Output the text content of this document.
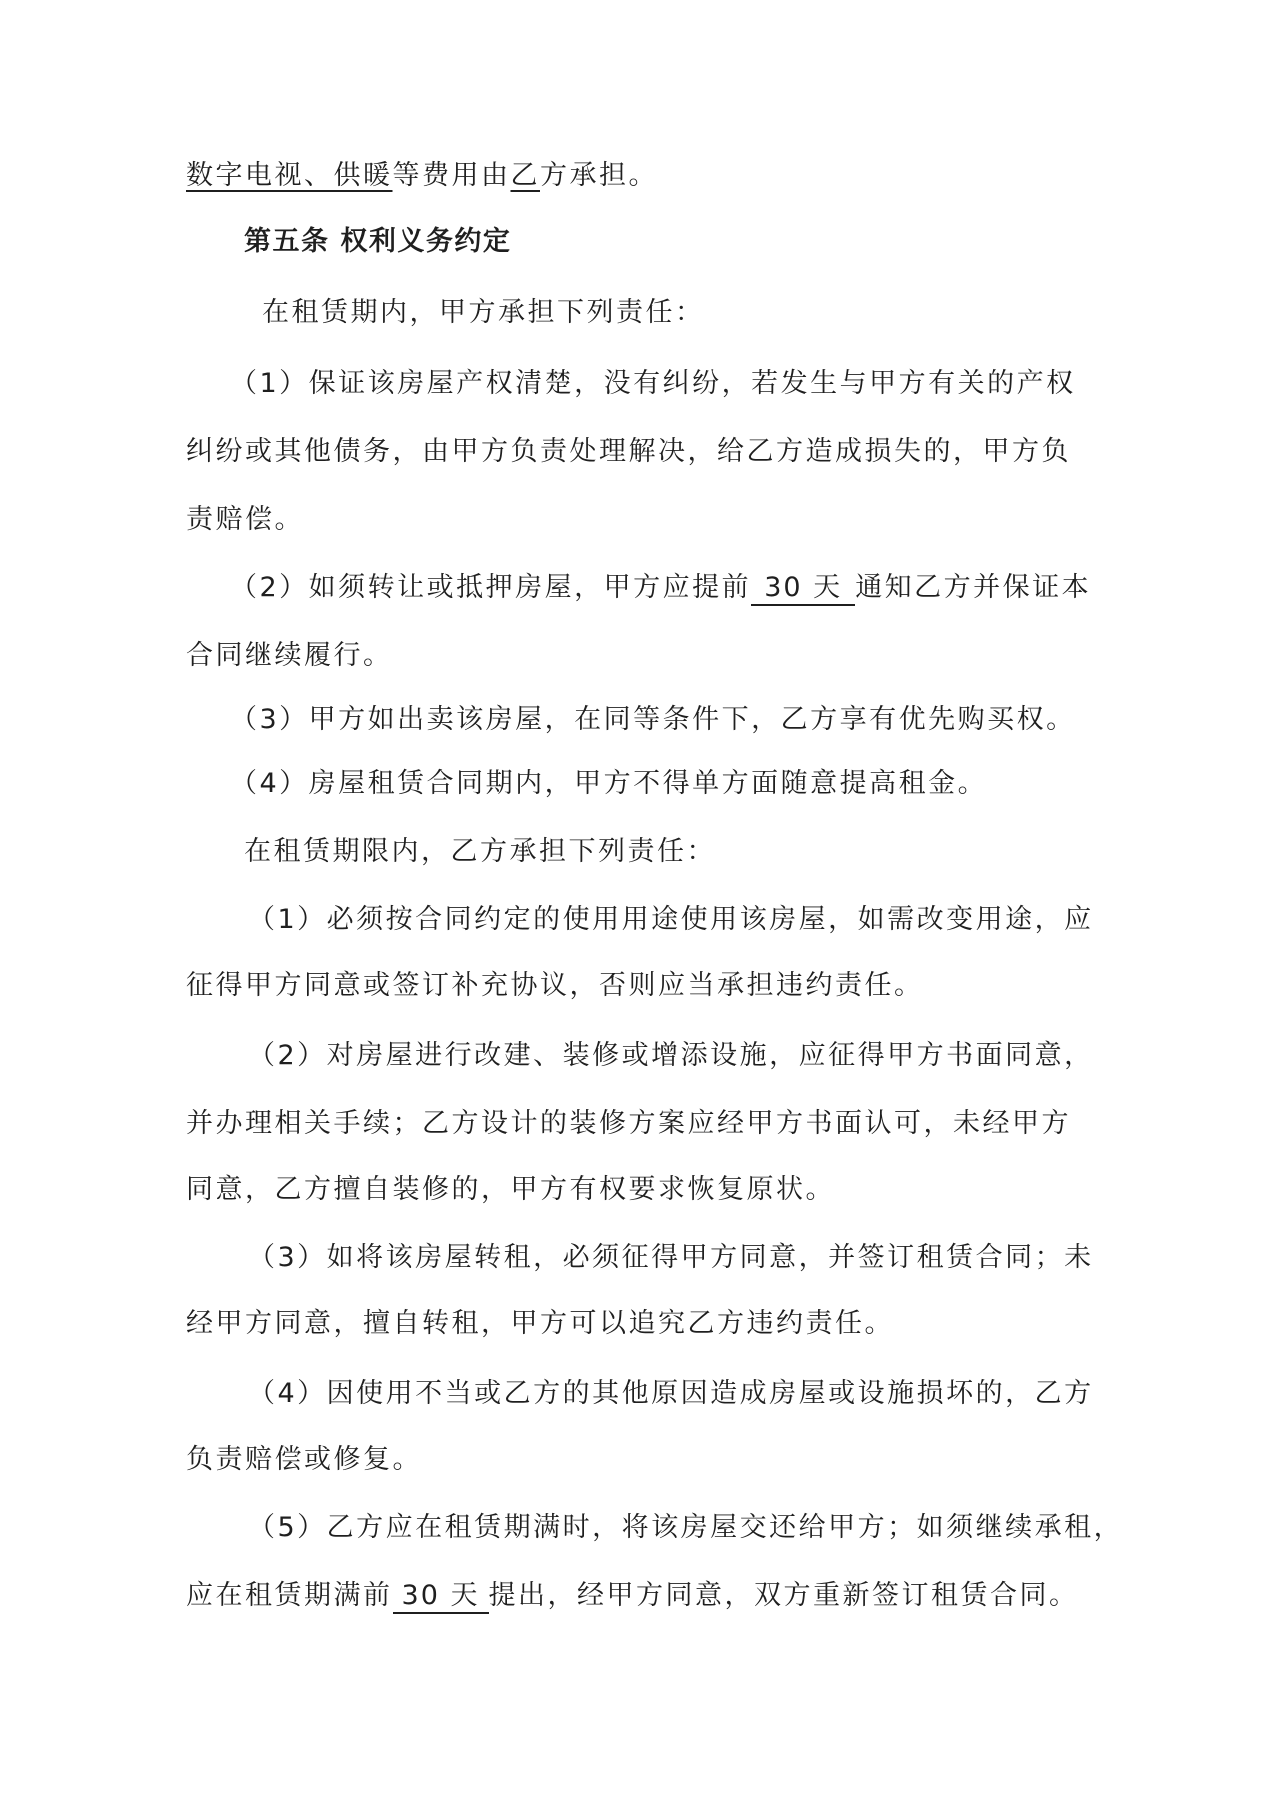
数字电视、供暖等费用由乙方承担。
第五条 权利义务约定
在租赁期内，甲方承担下列责任：
（1）保证该房屋产权清楚，没有纠纷，若发生与甲方有关的产权
纠纷或其他债务，由甲方负责处理解决，给乙方造成损失的，甲方负
责赔偿。
（2）如须转让或抵押房屋，甲方应提前 30 天 通知乙方并保证本
合同继续履行。
（3）甲方如出卖该房屋，在同等条件下，乙方享有优先购买权。
（4）房屋租赁合同期内，甲方不得单方面随意提高租金。
在租赁期限内，乙方承担下列责任：
（1）必须按合同约定的使用用途使用该房屋，如需改变用途，应
征得甲方同意或签订补充协议，否则应当承担违约责任。
（2）对房屋进行改建、装修或增添设施，应征得甲方书面同意，
并办理相关手续；乙方设计的装修方案应经甲方书面认可，未经甲方
同意，乙方擅自装修的，甲方有权要求恢复原状。
（3）如将该房屋转租，必须征得甲方同意，并签订租赁合同；未
经甲方同意，擅自转租，甲方可以追究乙方违约责任。
（4）因使用不当或乙方的其他原因造成房屋或设施损坏的，乙方
负责赔偿或修复。
（5）乙方应在租赁期满时，将该房屋交还给甲方；如须继续承租，
应在租赁期满前 30 天 提出，经甲方同意，双方重新签订租赁合同。
